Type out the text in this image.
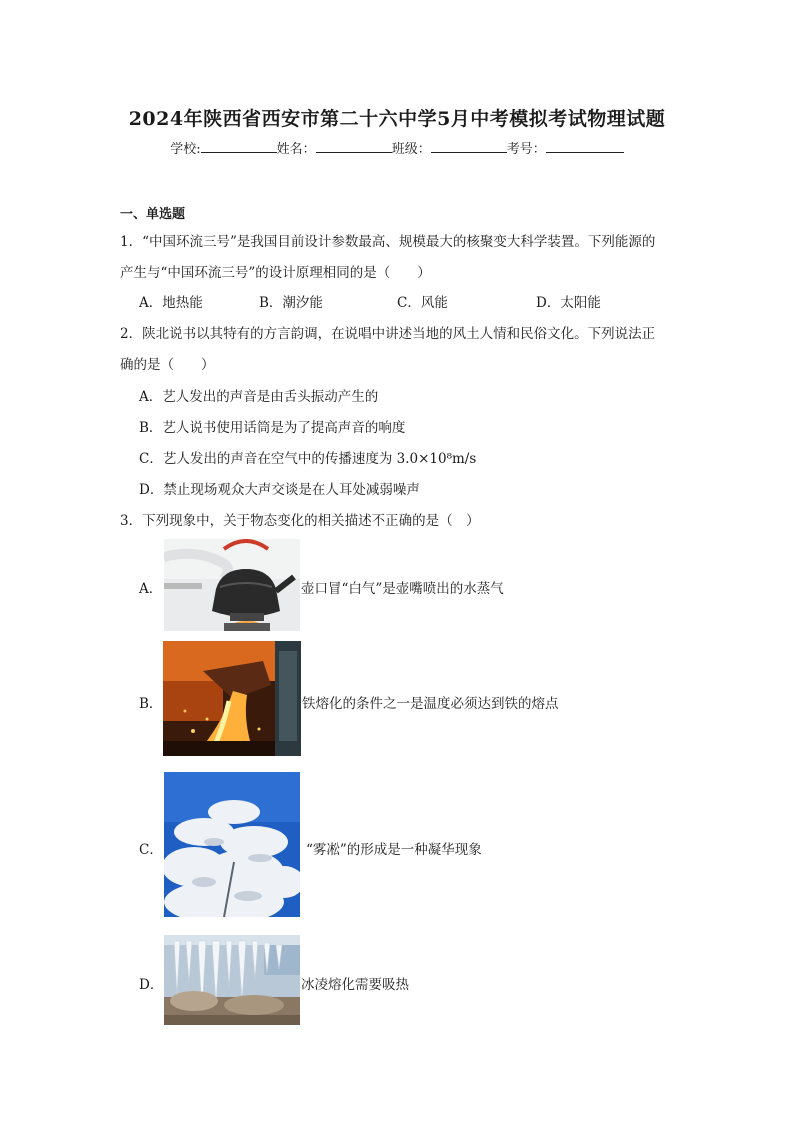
2024年陕西省西安市第二十六中学5月中考模拟考试物理试题
学校:	姓名：	班级：	考号：
一、单选题
1．“中国环流三号”是我国目前设计参数最高、规模最大的核聚变大科学装置。下列能源的
产生与“中国环流三号”的设计原理相同的是（　　）
A．地热能	B．潮汐能	C．风能	D．太阳能
2．陕北说书以其特有的方言韵调，在说唱中讲述当地的风土人情和民俗文化。下列说法正
确的是（　　）
A．艺人发出的声音是由舌头振动产生的
B．艺人说书使用话筒是为了提高声音的响度
C．艺人发出的声音在空气中的传播速度为 3.0×10⁸m/s
D．禁止现场观众大声交谈是在人耳处减弱噪声
3．下列现象中，关于物态变化的相关描述不正确的是（　）
A．	壶口冒“白气”是壶嘴喷出的水蒸气
B．	铁熔化的条件之一是温度必须达到铁的熔点
C．	“雾凇”的形成是一种凝华现象
D．	冰凌熔化需要吸热
